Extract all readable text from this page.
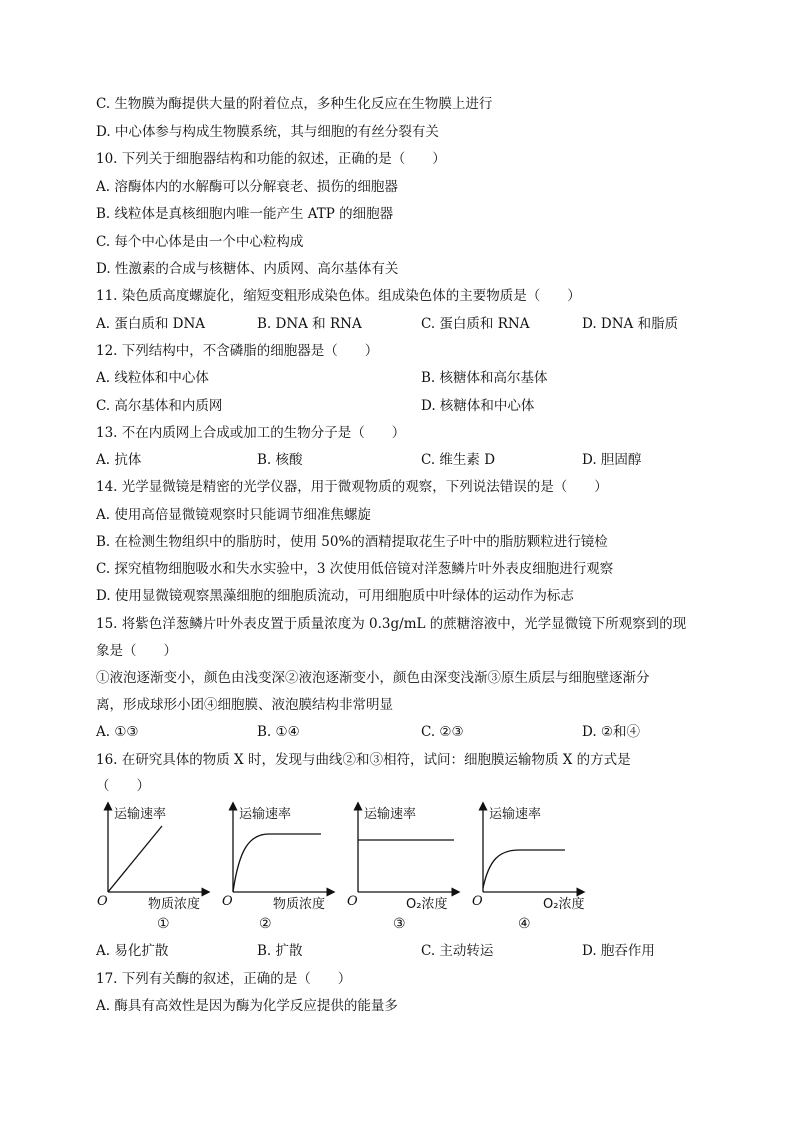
C. 生物膜为酶提供大量的附着位点，多种生化反应在生物膜上进行
D. 中心体参与构成生物膜系统，其与细胞的有丝分裂有关
10. 下列关于细胞器结构和功能的叙述，正确的是（　　）
A. 溶酶体内的水解酶可以分解衰老、损伤的细胞器
B. 线粒体是真核细胞内唯一能产生 ATP 的细胞器
C. 每个中心体是由一个中心粒构成
D. 性激素的合成与核糖体、内质网、高尔基体有关
11. 染色质高度螺旋化，缩短变粗形成染色体。组成染色体的主要物质是（　　）
A. 蛋白质和 DNA	B. DNA 和 RNA	C. 蛋白质和 RNA	D. DNA 和脂质
12. 下列结构中，不含磷脂的细胞器是（　　）
A. 线粒体和中心体	B. 核糖体和高尔基体
C. 高尔基体和内质网	D. 核糖体和中心体
13. 不在内质网上合成或加工的生物分子是（　　）
A. 抗体	B. 核酸	C. 维生素 D	D. 胆固醇
14. 光学显微镜是精密的光学仪器，用于微观物质的观察，下列说法错误的是（　　）
A. 使用高倍显微镜观察时只能调节细准焦螺旋
B. 在检测生物组织中的脂肪时，使用 50%的酒精提取花生子叶中的脂肪颗粒进行镜检
C. 探究植物细胞吸水和失水实验中，3 次使用低倍镜对洋葱鳞片叶外表皮细胞进行观察
D. 使用显微镜观察黑藻细胞的细胞质流动，可用细胞质中叶绿体的运动作为标志
15. 将紫色洋葱鳞片叶外表皮置于质量浓度为 0.3g/mL 的蔗糖溶液中，光学显微镜下所观察到的现
象是（　　）
①液泡逐渐变小，颜色由浅变深②液泡逐渐变小，颜色由深变浅渐③原生质层与细胞壁逐渐分
离，形成球形小团④细胞膜、液泡膜结构非常明显
A. ①③	B. ①④	C. ②③	D. ②和④
16. 在研究具体的物质 X 时，发现与曲线②和③相符，试问：细胞膜运输物质 X 的方式是
（　　）
运输速率
O	物质浓度
①
运输速率
O	物质浓度
②
运输速率
O	O₂浓度
③
运输速率
O	O₂浓度
④
A. 易化扩散	B. 扩散	C. 主动转运	D. 胞吞作用
17. 下列有关酶的叙述，正确的是（　　）
A. 酶具有高效性是因为酶为化学反应提供的能量多
